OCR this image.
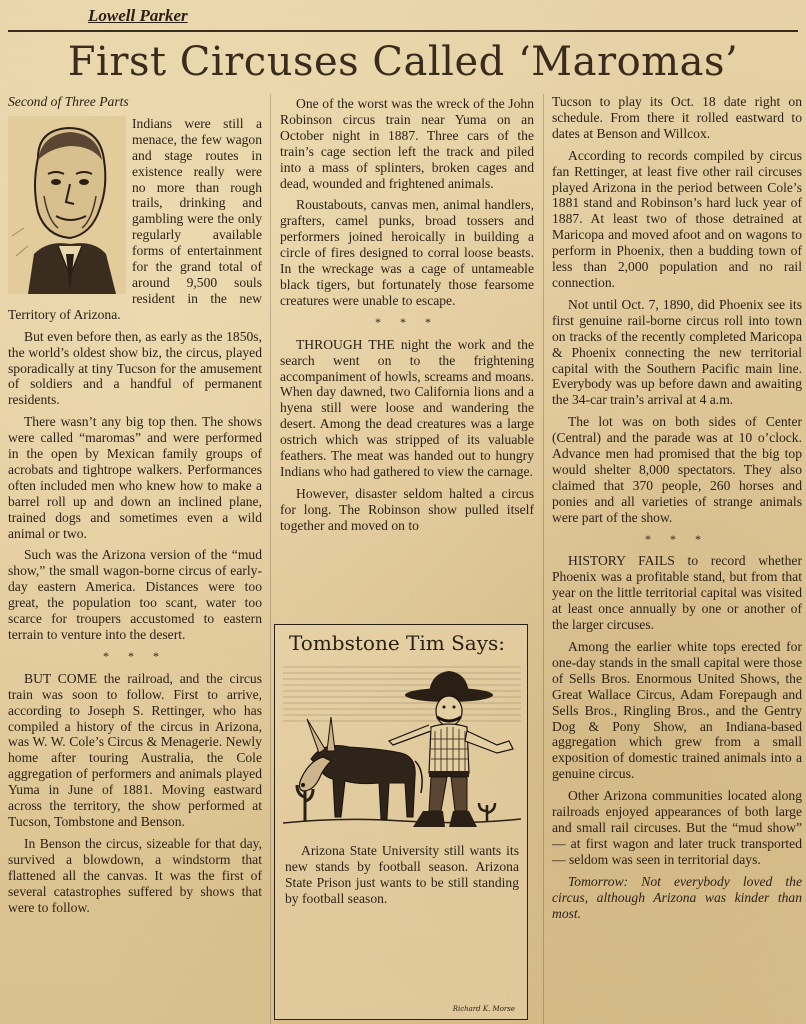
Lowell Parker
First Circuses Called ‘Maromas’

Second of Three Parts

Indians were still a menace, the few wagon and stage routes in existence really were no more than rough trails, drinking and gambling were the only regularly available forms of entertainment for the grand total of around 9,500 souls resident in the new Territory of Arizona.

But even before then, as early as the 1850s, the world’s oldest show biz, the circus, played sporadically at tiny Tucson for the amusement of soldiers and a handful of permanent residents.

There wasn’t any big top then. The shows were called “maromas” and were performed in the open by Mexican family groups of acrobats and tightrope walkers. Performances often included men who knew how to make a barrel roll up and down an inclined plane, trained dogs and sometimes even a wild animal or two.

Such was the Arizona version of the “mud show,” the small wagon-borne circus of early-day eastern America. Distances were too great, the population too scant, water too scarce for troupers accustomed to eastern terrain to venture into the desert.

* * *

BUT COME the railroad, and the circus train was soon to follow. First to arrive, according to Joseph S. Rettinger, who has compiled a history of the circus in Arizona, was W. W. Cole’s Circus & Menagerie. Newly home after touring Australia, the Cole aggregation of performers and animals played Yuma in June of 1881. Moving eastward across the territory, the show performed at Tucson, Tombstone and Benson.

In Benson the circus, sizeable for that day, survived a blowdown, a windstorm that flattened all the canvas. It was the first of several catastrophes suffered by shows that were to follow.

One of the worst was the wreck of the John Robinson circus train near Yuma on an October night in 1887. Three cars of the train’s cage section left the track and piled into a mass of splinters, broken cages and dead, wounded and frightened animals.

Roustabouts, canvas men, animal handlers, grafters, camel punks, broad tossers and performers joined heroically in building a circle of fires designed to corral loose beasts. In the wreckage was a cage of untameable black tigers, but fortunately those fearsome creatures were unable to escape.

* * *

THROUGH THE night the work and the search went on to the frightening accompaniment of howls, screams and moans. When day dawned, two California lions and a hyena still were loose and wandering the desert. Among the dead creatures was a large ostrich which was stripped of its valuable feathers. The meat was handed out to hungry Indians who had gathered to view the carnage.

However, disaster seldom halted a circus for long. The Robinson show pulled itself together and moved on to

Tombstone Tim Says:
Arizona State University still wants its new stands by football season. Arizona State Prison just wants to be still standing by football season.
Richard K. Morse

Tucson to play its Oct. 18 date right on schedule. From there it rolled eastward to dates at Benson and Willcox.

According to records compiled by circus fan Rettinger, at least five other rail circuses played Arizona in the period between Cole’s 1881 stand and Robinson’s hard luck year of 1887. At least two of those detrained at Maricopa and moved afoot and on wagons to perform in Phoenix, then a budding town of less than 2,000 population and no rail connection.

Not until Oct. 7, 1890, did Phoenix see its first genuine rail-borne circus roll into town on tracks of the recently completed Maricopa & Phoenix connecting the new territorial capital with the Southern Pacific main line. Everybody was up before dawn and awaiting the 34-car train’s arrival at 4 a.m.

The lot was on both sides of Center (Central) and the parade was at 10 o’clock. Advance men had promised that the big top would shelter 8,000 spectators. They also claimed that 370 people, 260 horses and ponies and all varieties of strange animals were part of the show.

* * *

HISTORY FAILS to record whether Phoenix was a profitable stand, but from that year on the little territorial capital was visited at least once annually by one or another of the larger circuses.

Among the earlier white tops erected for one-day stands in the small capital were those of Sells Bros. Enormous United Shows, the Great Wallace Circus, Adam Forepaugh and Sells Bros., Ringling Bros., and the Gentry Dog & Pony Show, an Indiana-based aggregation which grew from a small exposition of domestic trained animals into a genuine circus.

Other Arizona communities located along railroads enjoyed appearances of both large and small rail circuses. But the “mud show” — at first wagon and later truck transported — seldom was seen in territorial days.

Tomorrow: Not everybody loved the circus, although Arizona was kinder than most.
